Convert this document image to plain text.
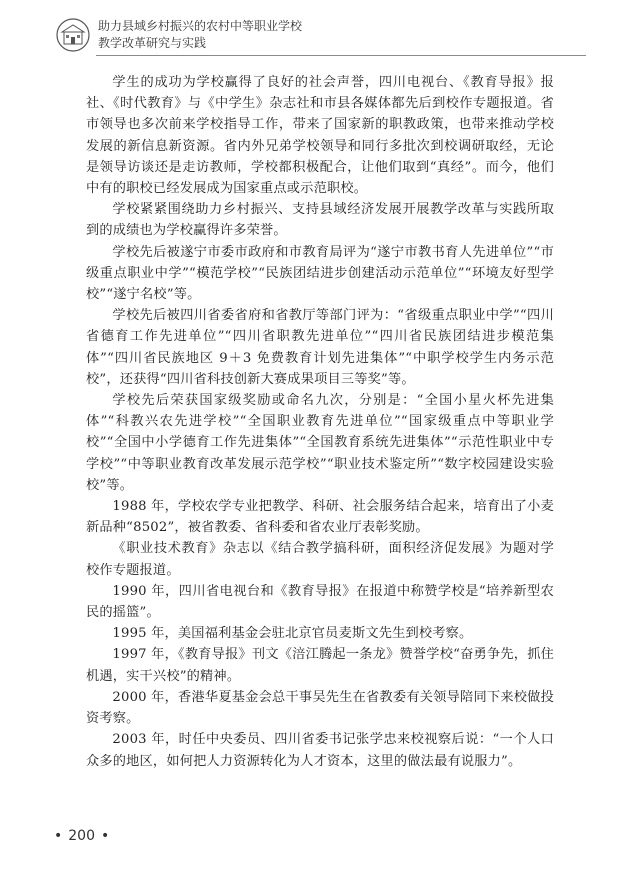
助力县域乡村振兴的农村中等职业学校
教学改革研究与实践

学生的成功为学校赢得了良好的社会声誉，四川电视台、《教育导报》报社、《时代教育》与《中学生》杂志社和市县各媒体都先后到校作专题报道。省市领导也多次前来学校指导工作，带来了国家新的职教政策，也带来推动学校发展的新信息新资源。省内外兄弟学校领导和同行多批次到校调研取经，无论是领导访谈还是走访教师，学校都积极配合，让他们取到“真经”。而今，他们中有的职校已经发展成为国家重点或示范职校。

学校紧紧围绕助力乡村振兴、支持县域经济发展开展教学改革与实践所取到的成绩也为学校赢得许多荣誉。

学校先后被遂宁市委市政府和市教育局评为“遂宁市教书育人先进单位”“市级重点职业中学”“模范学校”“民族团结进步创建活动示范单位”“环境友好型学校”“遂宁名校”等。

学校先后被四川省委省府和省教厅等部门评为：“省级重点职业中学”“四川省德育工作先进单位”“四川省职教先进单位”“四川省民族团结进步模范集体”“四川省民族地区 9＋3 免费教育计划先进集体”“中职学校学生内务示范校”，还获得“四川省科技创新大赛成果项目三等奖”等。

学校先后荣获国家级奖励或命名九次，分别是：“全国小星火杯先进集体”“科教兴农先进学校”“全国职业教育先进单位”“国家级重点中等职业学校”“全国中小学德育工作先进集体”“全国教育系统先进集体”“示范性职业中专学校”“中等职业教育改革发展示范学校”“职业技术鉴定所”“数字校园建设实验校”等。

1988 年，学校农学专业把教学、科研、社会服务结合起来，培育出了小麦新品种“8502”，被省教委、省科委和省农业厅表彰奖励。

《职业技术教育》杂志以《结合教学搞科研，面积经济促发展》为题对学校作专题报道。

1990 年，四川省电视台和《教育导报》在报道中称赞学校是“培养新型农民的摇篮”。

1995 年，美国福利基金会驻北京官员麦斯文先生到校考察。

1997 年，《教育导报》刊文《涪江腾起一条龙》赞誉学校“奋勇争先，抓住机遇，实干兴校”的精神。

2000 年，香港华夏基金会总干事吴先生在省教委有关领导陪同下来校做投资考察。

2003 年，时任中央委员、四川省委书记张学忠来校视察后说：“一个人口众多的地区，如何把人力资源转化为人才资本，这里的做法最有说服力”。

• 200 •
